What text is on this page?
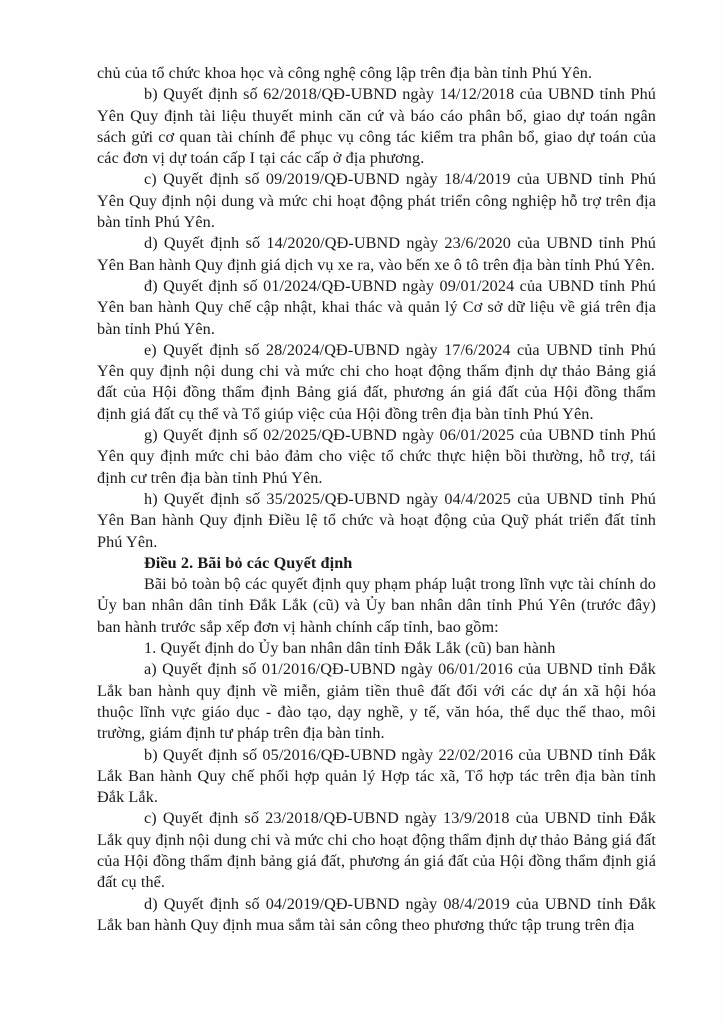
chủ của tổ chức khoa học và công nghệ công lập trên địa bàn tỉnh Phú Yên.

b) Quyết định số 62/2018/QĐ-UBND ngày 14/12/2018 của UBND tỉnh Phú Yên Quy định tài liệu thuyết minh căn cứ và báo cáo phân bổ, giao dự toán ngân sách gửi cơ quan tài chính để phục vụ công tác kiểm tra phân bổ, giao dự toán của các đơn vị dự toán cấp I tại các cấp ở địa phương.

c) Quyết định số 09/2019/QĐ-UBND ngày 18/4/2019 của UBND tỉnh Phú Yên Quy định nội dung và mức chi hoạt động phát triển công nghiệp hỗ trợ trên địa bàn tỉnh Phú Yên.

d) Quyết định số 14/2020/QĐ-UBND ngày 23/6/2020 của UBND tỉnh Phú Yên Ban hành Quy định giá dịch vụ xe ra, vào bến xe ô tô trên địa bàn tỉnh Phú Yên.

đ) Quyết định số 01/2024/QĐ-UBND ngày 09/01/2024 của UBND tỉnh Phú Yên ban hành Quy chế cập nhật, khai thác và quản lý Cơ sở dữ liệu về giá trên địa bàn tỉnh Phú Yên.

e) Quyết định số 28/2024/QĐ-UBND ngày 17/6/2024 của UBND tỉnh Phú Yên quy định nội dung chi và mức chi cho hoạt động thẩm định dự thảo Bảng giá đất của Hội đồng thẩm định Bảng giá đất, phương án giá đất của Hội đồng thẩm định giá đất cụ thể và Tổ giúp việc của Hội đồng trên địa bàn tỉnh Phú Yên.

g) Quyết định số 02/2025/QĐ-UBND ngày 06/01/2025 của UBND tỉnh Phú Yên quy định mức chi bảo đảm cho việc tổ chức thực hiện bồi thường, hỗ trợ, tái định cư trên địa bàn tỉnh Phú Yên.

h) Quyết định số 35/2025/QĐ-UBND ngày 04/4/2025 của UBND tỉnh Phú Yên Ban hành Quy định Điều lệ tổ chức và hoạt động của Quỹ phát triển đất tỉnh Phú Yên.

Điều 2. Bãi bỏ các Quyết định

Bãi bỏ toàn bộ các quyết định quy phạm pháp luật trong lĩnh vực tài chính do Ủy ban nhân dân tỉnh Đắk Lắk (cũ) và Ủy ban nhân dân tỉnh Phú Yên (trước đây) ban hành trước sắp xếp đơn vị hành chính cấp tỉnh, bao gồm:

1. Quyết định do Ủy ban nhân dân tỉnh Đắk Lắk (cũ) ban hành

a) Quyết định số 01/2016/QĐ-UBND ngày 06/01/2016 của UBND tỉnh Đắk Lắk ban hành quy định về miễn, giảm tiền thuê đất đối với các dự án xã hội hóa thuộc lĩnh vực giáo dục - đào tạo, dạy nghề, y tế, văn hóa, thể dục thể thao, môi trường, giám định tư pháp trên địa bàn tỉnh.

b) Quyết định số 05/2016/QĐ-UBND ngày 22/02/2016 của UBND tỉnh Đắk Lắk Ban hành Quy chế phối hợp quản lý Hợp tác xã, Tổ hợp tác trên địa bàn tỉnh Đắk Lắk.

c) Quyết định số 23/2018/QĐ-UBND ngày 13/9/2018 của UBND tỉnh Đắk Lắk quy định nội dung chi và mức chi cho hoạt động thẩm định dự thảo Bảng giá đất của Hội đồng thẩm định bảng giá đất, phương án giá đất của Hội đồng thẩm định giá đất cụ thể.

d) Quyết định số 04/2019/QĐ-UBND ngày 08/4/2019 của UBND tỉnh Đắk Lắk ban hành Quy định mua sắm tài sản công theo phương thức tập trung trên địa
